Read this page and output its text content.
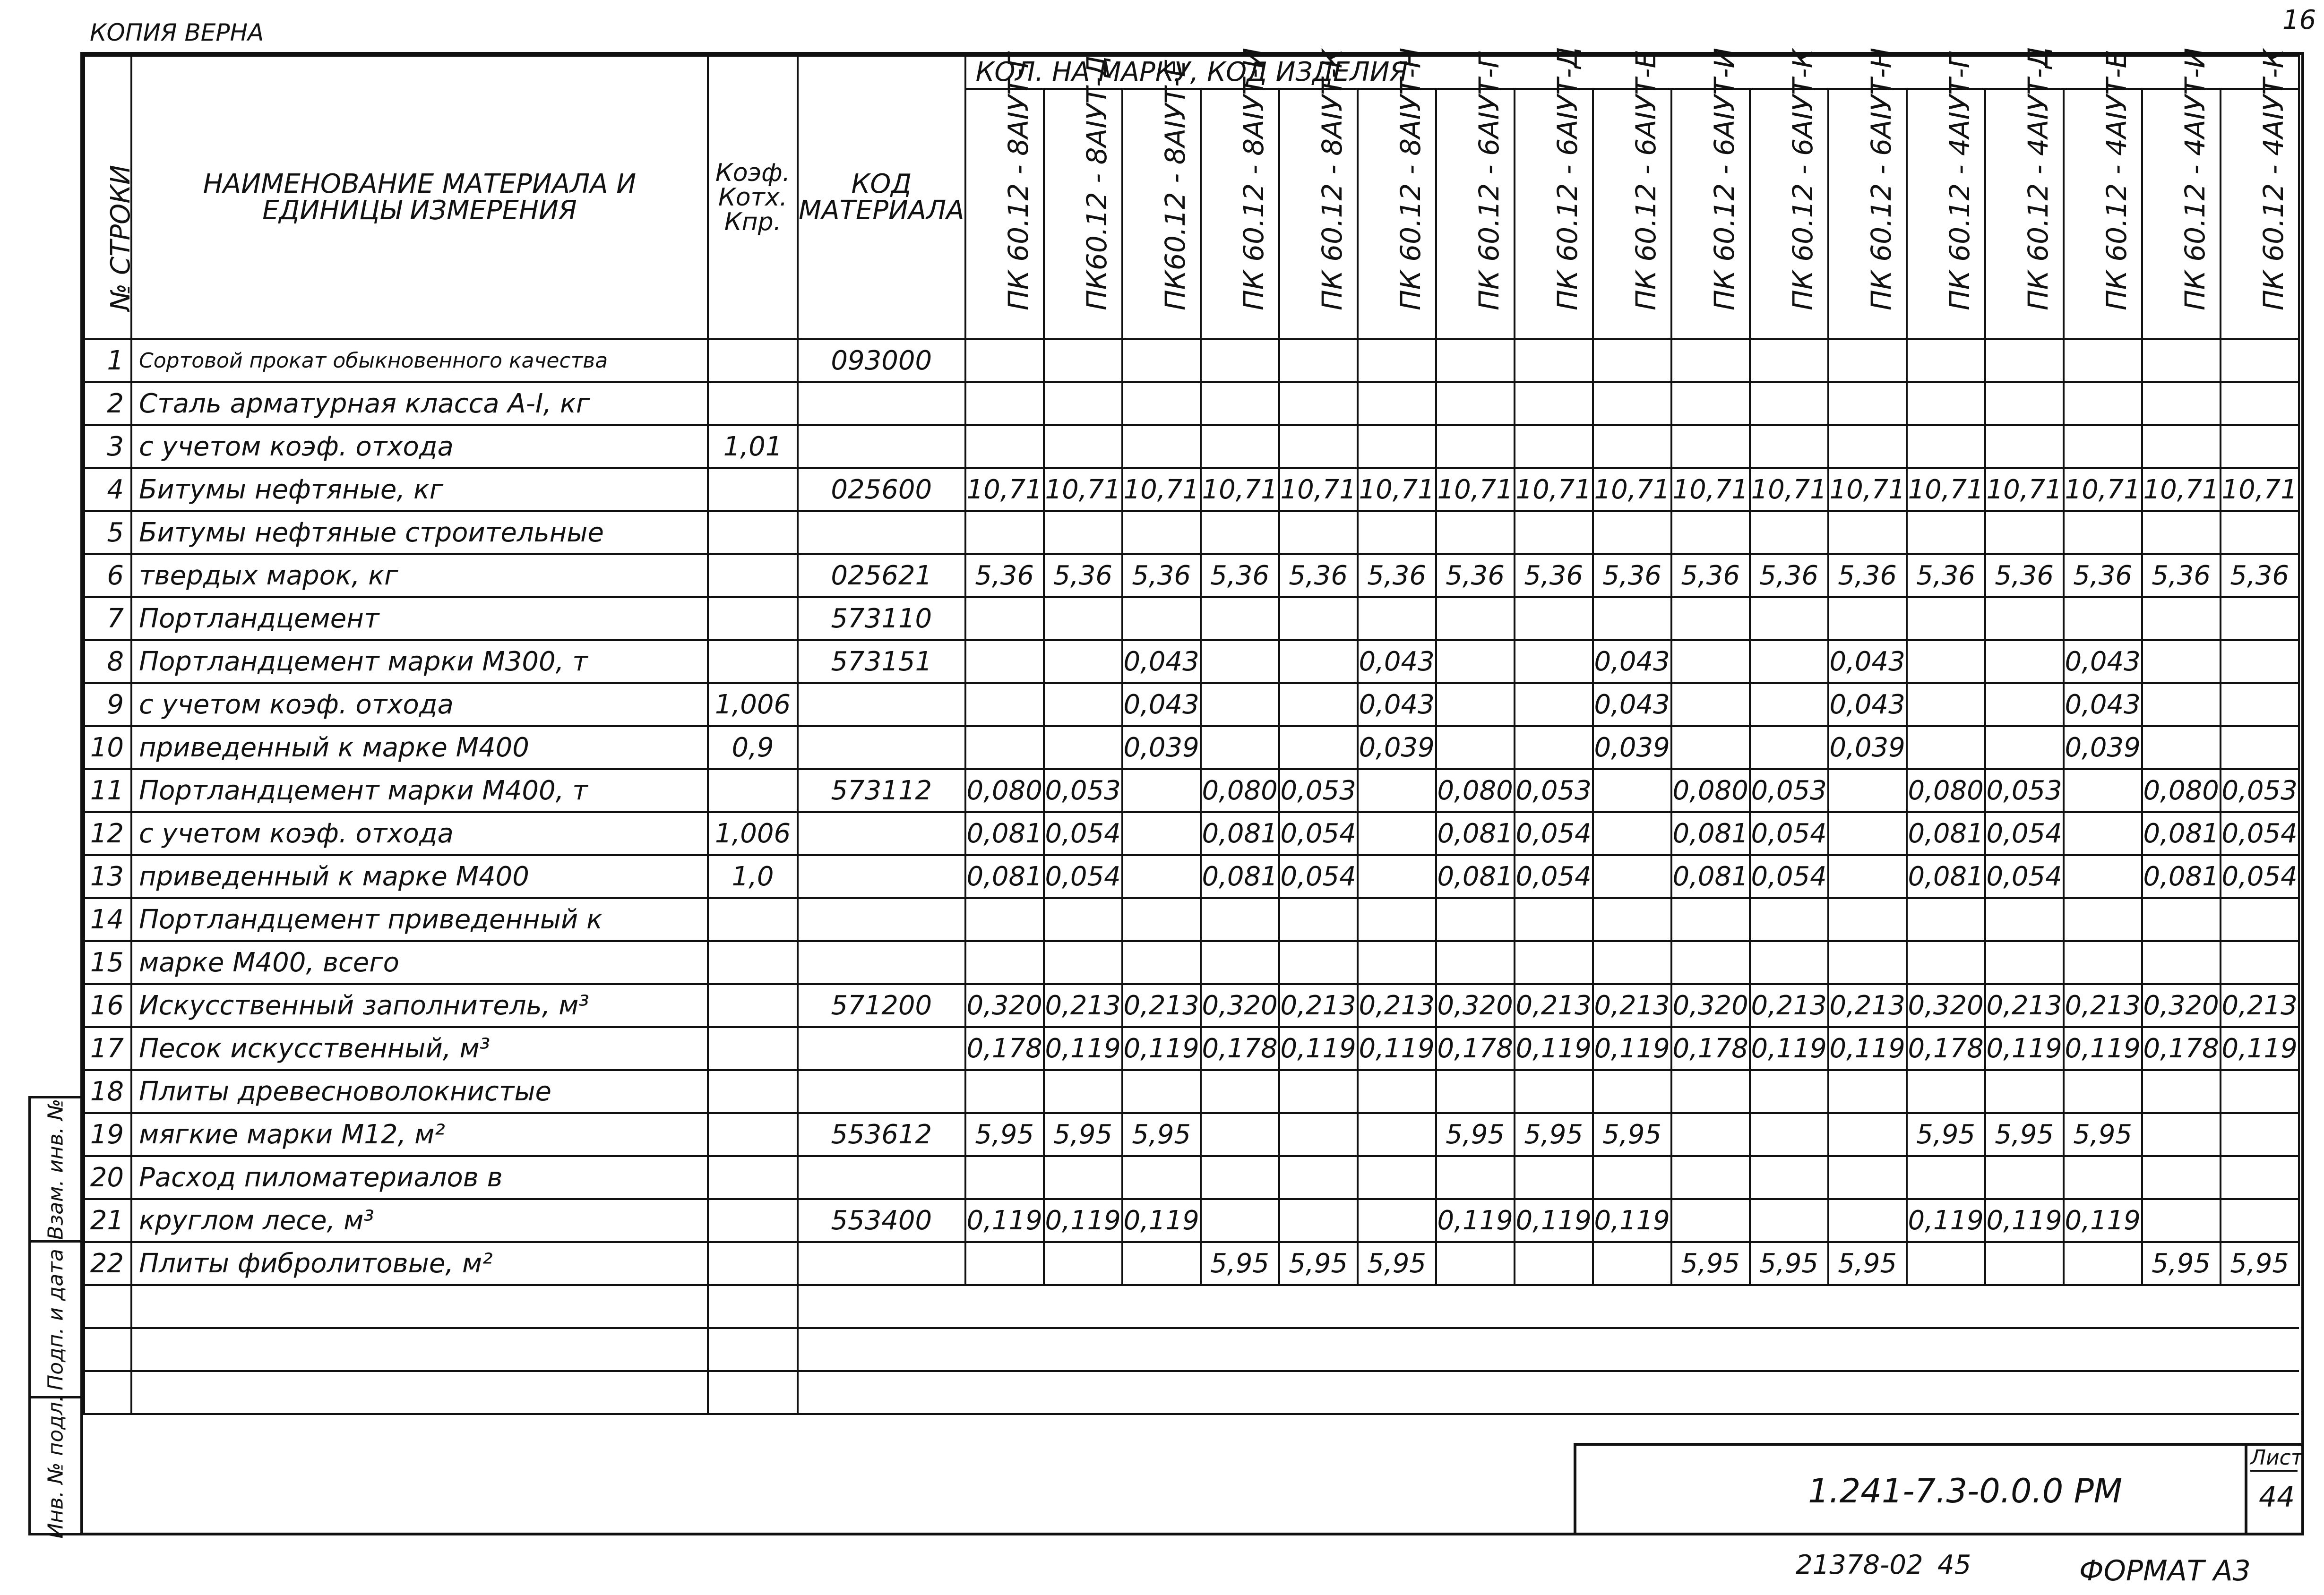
КОПИЯ ВЕРНА	16
№ СТРОКИ	НАИМЕНОВАНИЕ МАТЕРИАЛА И ЕДИНИЦЫ ИЗМЕРЕНИЯ	Коэф. Котх. Кпр.	КОД МАТЕРИАЛА	КОЛ. НА МАРКУ, КОД ИЗДЕЛИЯ																

				ПК 60.12 - 8АIУТ-Г	ПК60.12 - 8АIУТ-Д	ПК60.12 - 8АIУТ-Е	ПК 60.12 - 8АIУТ-И	ПК 60.12 - 8АIУТ-К	ПК 60.12 - 8АIУТ-Н	ПК 60.12 - 6АIУТ-Г	ПК 60.12 - 6АIУТ-Д	ПК 60.12 - 6АIУТ-Е	ПК 60.12 - 6АIУТ-И	ПК 60.12 - 6АIУТ-К	ПК 60.12 - 6АIУТ-Н	ПК 60.12 - 4АIУТ-Г	ПК 60.12 - 4АIУТ-Д	ПК 60.12 - 4АIУТ-Е	ПК 60.12 - 4АIУТ-И	ПК 60.12 - 4АIУТ-К

1	Сортовой прокат обыкновенного качества		093000																	
2	Сталь арматурная класса А-I, кг																			
3	с учетом коэф. отхода	1,01																		
4	Битумы нефтяные, кг		025600	10,71	10,71	10,71	10,71	10,71	10,71	10,71	10,71	10,71	10,71	10,71	10,71	10,71	10,71	10,71	10,71	10,71
5	Битумы нефтяные строительные																			
6	твердых марок, кг		025621	5,36	5,36	5,36	5,36	5,36	5,36	5,36	5,36	5,36	5,36	5,36	5,36	5,36	5,36	5,36	5,36	5,36
7	Портландцемент		573110																	
8	Портландцемент марки М300, т		573151			0,043			0,043			0,043			0,043			0,043		
9	с учетом коэф. отхода	1,006				0,043			0,043			0,043			0,043			0,043		
10	приведенный к марке М400	0,9				0,039			0,039			0,039			0,039			0,039		
11	Портландцемент марки М400, т		573112	0,080	0,053		0,080	0,053		0,080	0,053		0,080	0,053		0,080	0,053		0,080	0,053
12	с учетом коэф. отхода	1,006		0,081	0,054		0,081	0,054		0,081	0,054		0,081	0,054		0,081	0,054		0,081	0,054
13	приведенный к марке М400	1,0		0,081	0,054		0,081	0,054		0,081	0,054		0,081	0,054		0,081	0,054		0,081	0,054
14	Портландцемент приведенный к																			
15	марке М400, всего																			
16	Искусственный заполнитель, м³		571200	0,320	0,213	0,213	0,320	0,213	0,213	0,320	0,213	0,213	0,320	0,213	0,213	0,320	0,213	0,213	0,320	0,213
17	Песок искусственный, м³			0,178	0,119	0,119	0,178	0,119	0,119	0,178	0,119	0,119	0,178	0,119	0,119	0,178	0,119	0,119	0,178	0,119
18	Плиты древесноволокнистые																			
19	мягкие марки М12, м²		553612	5,95	5,95	5,95				5,95	5,95	5,95				5,95	5,95	5,95		
20	Расход пиломатериалов в																			
21	круглом лесе, м³		553400	0,119	0,119	0,119				0,119	0,119	0,119				0,119	0,119	0,119		
22	Плиты фибролитовые, м²						5,95	5,95	5,95				5,95	5,95	5,95				5,95	5,95

1.241-7.3-0.0.0 РМ
Лист
44
Взам. инв. №
Подп. и дата
Инв. № подл.
21378-02 45	ФОРМАТ А3
